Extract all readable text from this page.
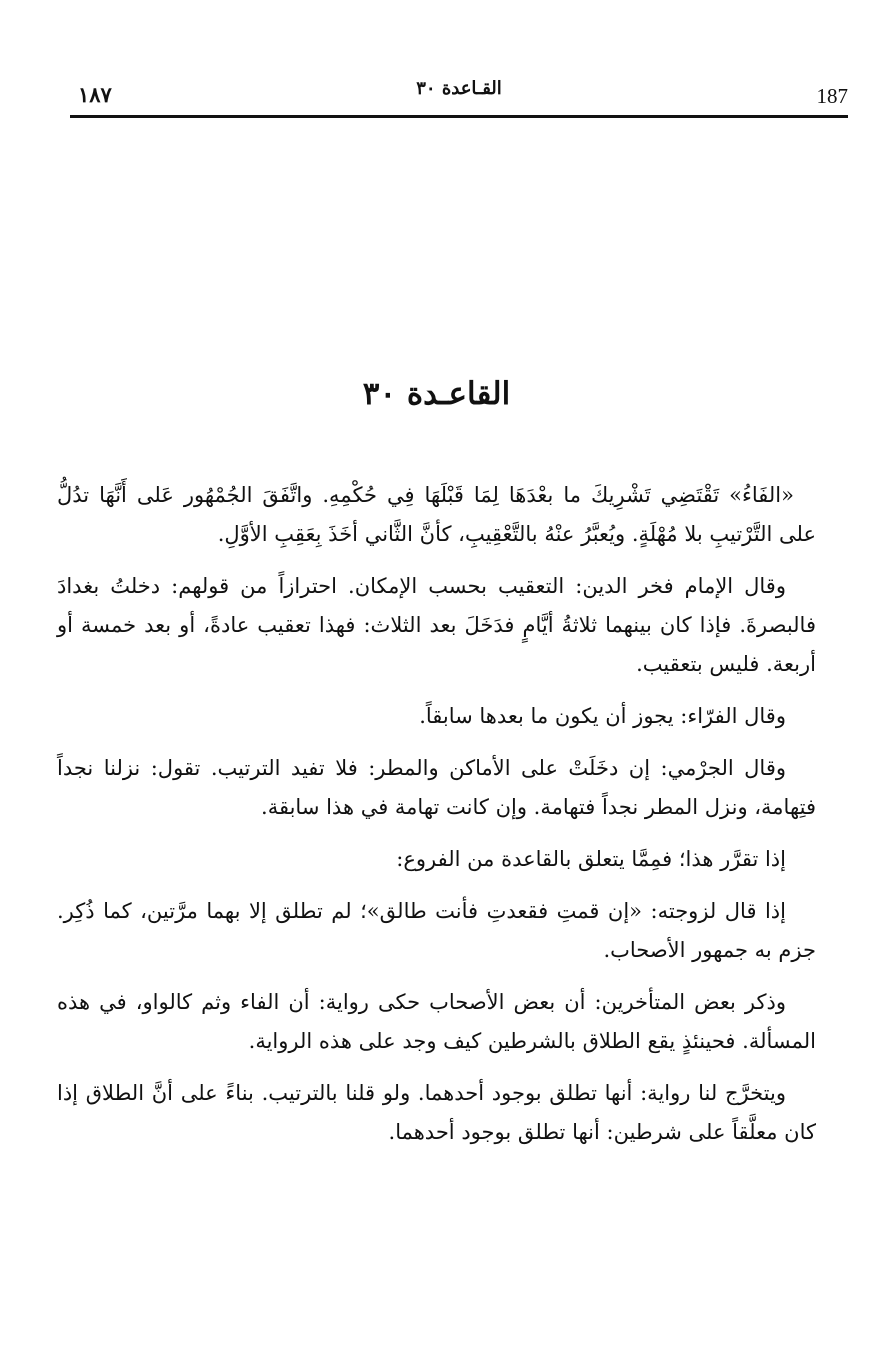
187
القـاعدة ٣٠
١٨٧
القاعـدة ٣٠

«الفَاءُ» تَقْتَضِي تَشْرِيكَ ما بعْدَهَا لِمَا قَبْلَهَا فِي حُكْمِهِ. واتَّفَقَ الجُمْهُور عَلى أَنَّهَا تدُلُّ على التَّرْتيبِ بلا مُهْلَةٍ. ويُعبَّرُ عنْهُ بالتَّعْقِيبِ، كأنَّ الثَّاني أخَذَ بِعَقِبِ الأوَّلِ.

وقال الإمام فخر الدين: التعقيب بحسب الإمكان. احترازاً من قولهم: دخلتُ بغدادَ فالبصرةَ. فإذا كان بينهما ثلاثةُ أيَّامٍ فدَخَلَ بعد الثلاث: فهذا تعقيب عادةً، أو بعد خمسة أو أربعة. فليس بتعقيب.

وقال الفرّاء: يجوز أن يكون ما بعدها سابقاً.

وقال الجرْمي: إن دخَلَتْ على الأماكن والمطر: فلا تفيد الترتيب. تقول: نزلنا نجداً فتِهامة، ونزل المطر نجداً فتهامة. وإن كانت تهامة في هذا سابقة.

إذا تقرَّر هذا؛ فمِمَّا يتعلق بالقاعدة من الفروع:

إذا قال لزوجته: «إن قمتِ فقعدتِ فأنت طالق»؛ لم تطلق إلا بهما مرَّتين، كما ذُكِر. جزم به جمهور الأصحاب.

وذكر بعض المتأخرين: أن بعض الأصحاب حكى رواية: أن الفاء وثم كالواو، في هذه المسألة. فحينئذٍ يقع الطلاق بالشرطين كيف وجد على هذه الرواية.

ويتخرَّج لنا رواية: أنها تطلق بوجود أحدهما. ولو قلنا بالترتيب. بناءً على أنَّ الطلاق إذا كان معلَّقاً على شرطين: أنها تطلق بوجود أحدهما.
